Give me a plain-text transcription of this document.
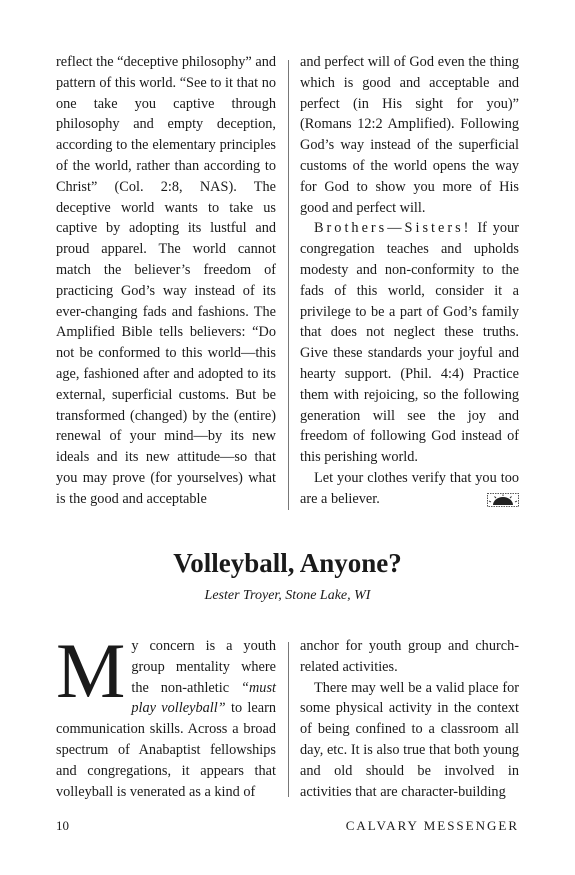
reflect the “deceptive philosophy” and pattern of this world. “See to it that no one take you captive through philosophy and empty deception, according to the elementary principles of the world, rather than according to Christ” (Col. 2:8, NAS). The deceptive world wants to take us captive by adopting its lustful and proud apparel. The world cannot match the believer’s freedom of practicing God’s way instead of its ever-changing fads and fashions. The Amplified Bible tells believers: “Do not be conformed to this world—this age, fashioned after and adopted to its external, superficial customs. But be transformed (changed) by the (entire) renewal of your mind—by its new ideals and its new attitude—so that you may prove (for yourselves) what is the good and acceptable

and perfect will of God even the thing which is good and acceptable and perfect (in His sight for you)” (Romans 12:2 Amplified). Following God’s way instead of the superficial customs of the world opens the way for God to show you more of His good and perfect will.

Brothers—Sisters! If your congregation teaches and upholds modesty and non-conformity to the fads of this world, consider it a privilege to be a part of God’s family that does not neglect these truths. Give these standards your joyful and hearty support. (Phil. 4:4) Practice them with rejoicing, so the following generation will see the joy and freedom of following God instead of this perishing world.

Let your clothes verify that you too are a believer.

Volleyball, Anyone?
Lester Troyer, Stone Lake, WI

My concern is a youth group mentality where the non-athletic “must play volleyball” to learn communication skills. Across a broad spectrum of Anabaptist fellowships and congregations, it appears that volleyball is venerated as a kind of

anchor for youth group and church-related activities.

There may well be a valid place for some physical activity in the context of being confined to a classroom all day, etc. It is also true that both young and old should be involved in activities that are character-building

10	CALVARY MESSENGER
